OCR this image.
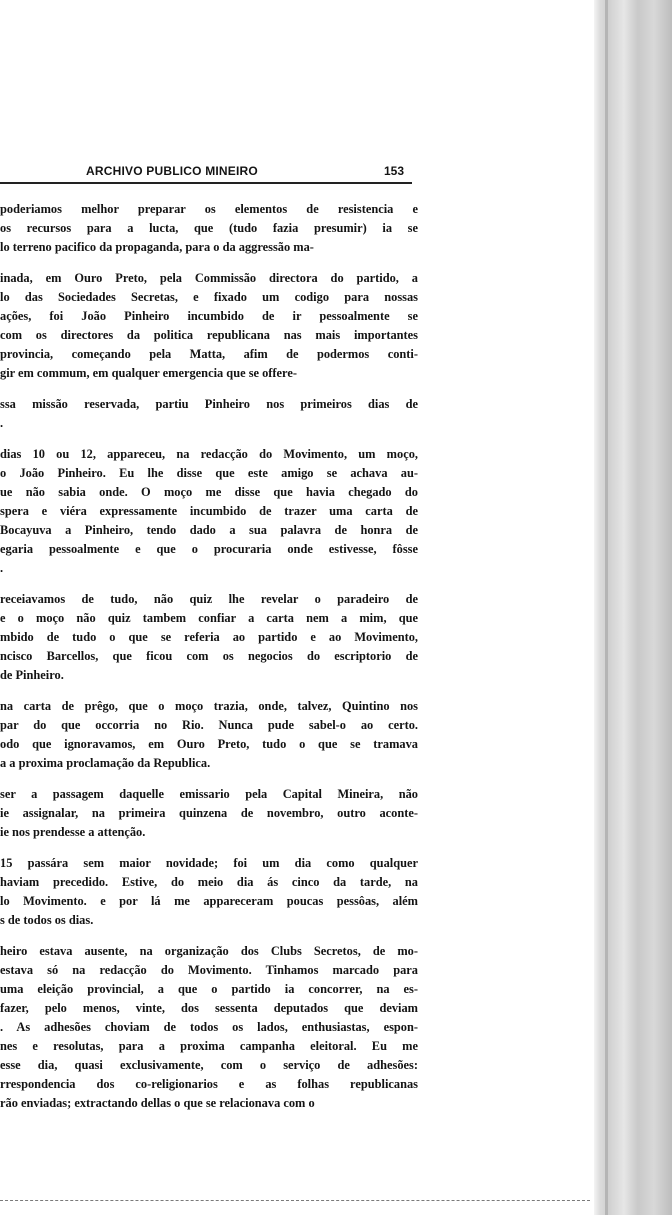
ARCHIVO PUBLICO MINEIRO	153
poderiamos melhor preparar os elementos de resistencia e
os recursos para a lucta, que (tudo fazia presumir) ia se
lo terreno pacifico da propaganda, para o da aggressão ma-
inada, em Ouro Preto, pela Commissão directora do partido, a
lo das Sociedades Secretas, e fixado um codigo para nossas
ações, foi João Pinheiro incumbido de ir pessoalmente se
com os directores da politica republicana nas mais importantes
provincia, começando pela Matta, afim de podermos conti-
gir em commum, em qualquer emergencia que se offere-
ssa missão reservada, partiu Pinheiro nos primeiros dias de
.
dias 10 ou 12, appareceu, na redacção do Movimento, um moço,
o João Pinheiro. Eu lhe disse que este amigo se achava au-
ue não sabia onde. O moço me disse que havia chegado do
spera e viéra expressamente incumbido de trazer uma carta de
Bocayuva a Pinheiro, tendo dado a sua palavra de honra de
egaria pessoalmente e que o procuraria onde estivesse, fôsse
.
receiavamos de tudo, não quiz lhe revelar o paradeiro de
e o moço não quiz tambem confiar a carta nem a mim, que
mbido de tudo o que se referia ao partido e ao Movimento,
ncisco Barcellos, que ficou com os negocios do escriptorio de
de Pinheiro.
na carta de prêgo, que o moço trazia, onde, talvez, Quintino nos
par do que occorria no Rio. Nunca pude sabel-o ao certo.
odo que ignoravamos, em Ouro Preto, tudo o que se tramava
a a proxima proclamação da Republica.
ser a passagem daquelle emissario pela Capital Mineira, não
ie assignalar, na primeira quinzena de novembro, outro aconte-
ie nos prendesse a attenção.
15 passára sem maior novidade; foi um dia como qualquer
haviam precedido. Estive, do meio dia ás cinco da tarde, na
lo Movimento. e por lá me appareceram poucas pessôas, além
s de todos os dias.
heiro estava ausente, na organização dos Clubs Secretos, de mo-
estava só na redacção do Movimento. Tinhamos marcado para
uma eleição provincial, a que o partido ia concorrer, na es-
fazer, pelo menos, vinte, dos sessenta deputados que deviam
. As adhesões choviam de todos os lados, enthusiastas, espon-
nes e resolutas, para a proxima campanha eleitoral. Eu me
esse dia, quasi exclusivamente, com o serviço de adhesões:
rrespondencia dos co-religionarios e as folhas republicanas
rão enviadas; extractando dellas o que se relacionava com o
